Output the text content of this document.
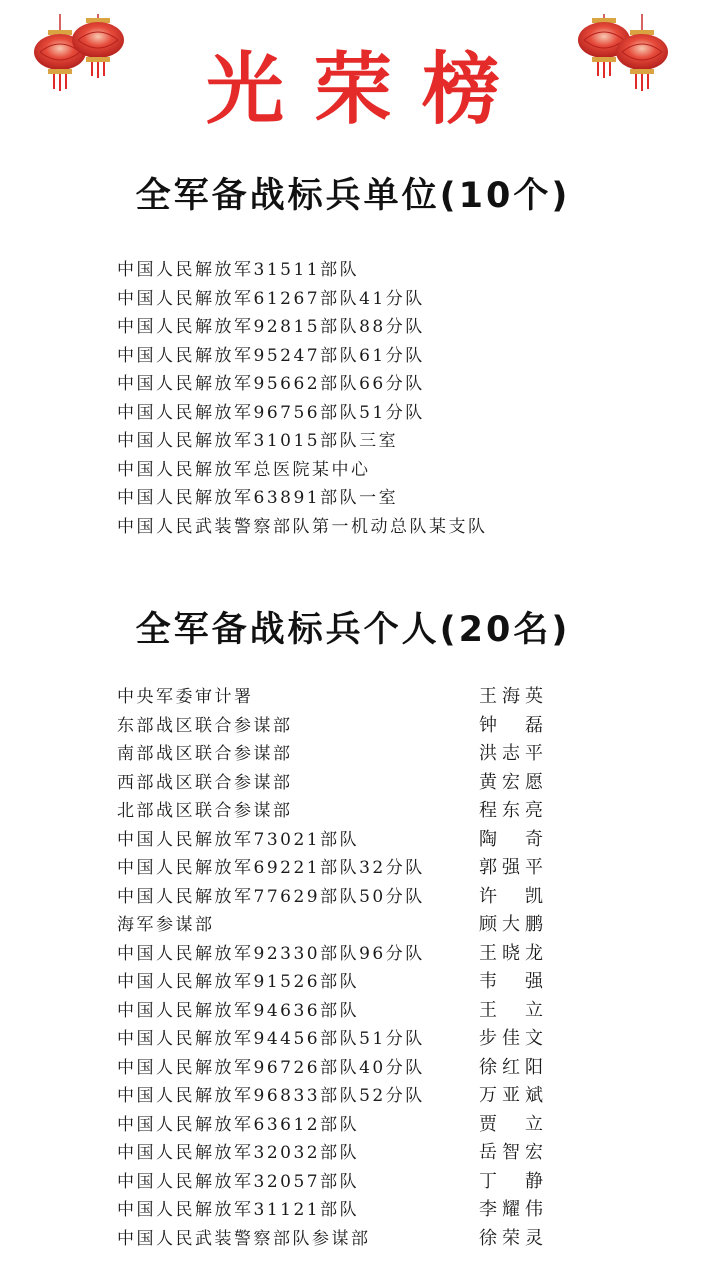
光荣榜
全军备战标兵单位(10个)
中国人民解放军31511部队
中国人民解放军61267部队41分队
中国人民解放军92815部队88分队
中国人民解放军95247部队61分队
中国人民解放军95662部队66分队
中国人民解放军96756部队51分队
中国人民解放军31015部队三室
中国人民解放军总医院某中心
中国人民解放军63891部队一室
中国人民武装警察部队第一机动总队某支队
全军备战标兵个人(20名)
中央军委审计署	王海英
东部战区联合参谋部	钟 磊
南部战区联合参谋部	洪志平
西部战区联合参谋部	黄宏愿
北部战区联合参谋部	程东亮
中国人民解放军73021部队	陶 奇
中国人民解放军69221部队32分队	郭强平
中国人民解放军77629部队50分队	许 凯
海军参谋部	顾大鹏
中国人民解放军92330部队96分队	王晓龙
中国人民解放军91526部队	韦 强
中国人民解放军94636部队	王 立
中国人民解放军94456部队51分队	步佳文
中国人民解放军96726部队40分队	徐红阳
中国人民解放军96833部队52分队	万亚斌
中国人民解放军63612部队	贾 立
中国人民解放军32032部队	岳智宏
中国人民解放军32057部队	丁 静
中国人民解放军31121部队	李耀伟
中国人民武装警察部队参谋部	徐荣灵
